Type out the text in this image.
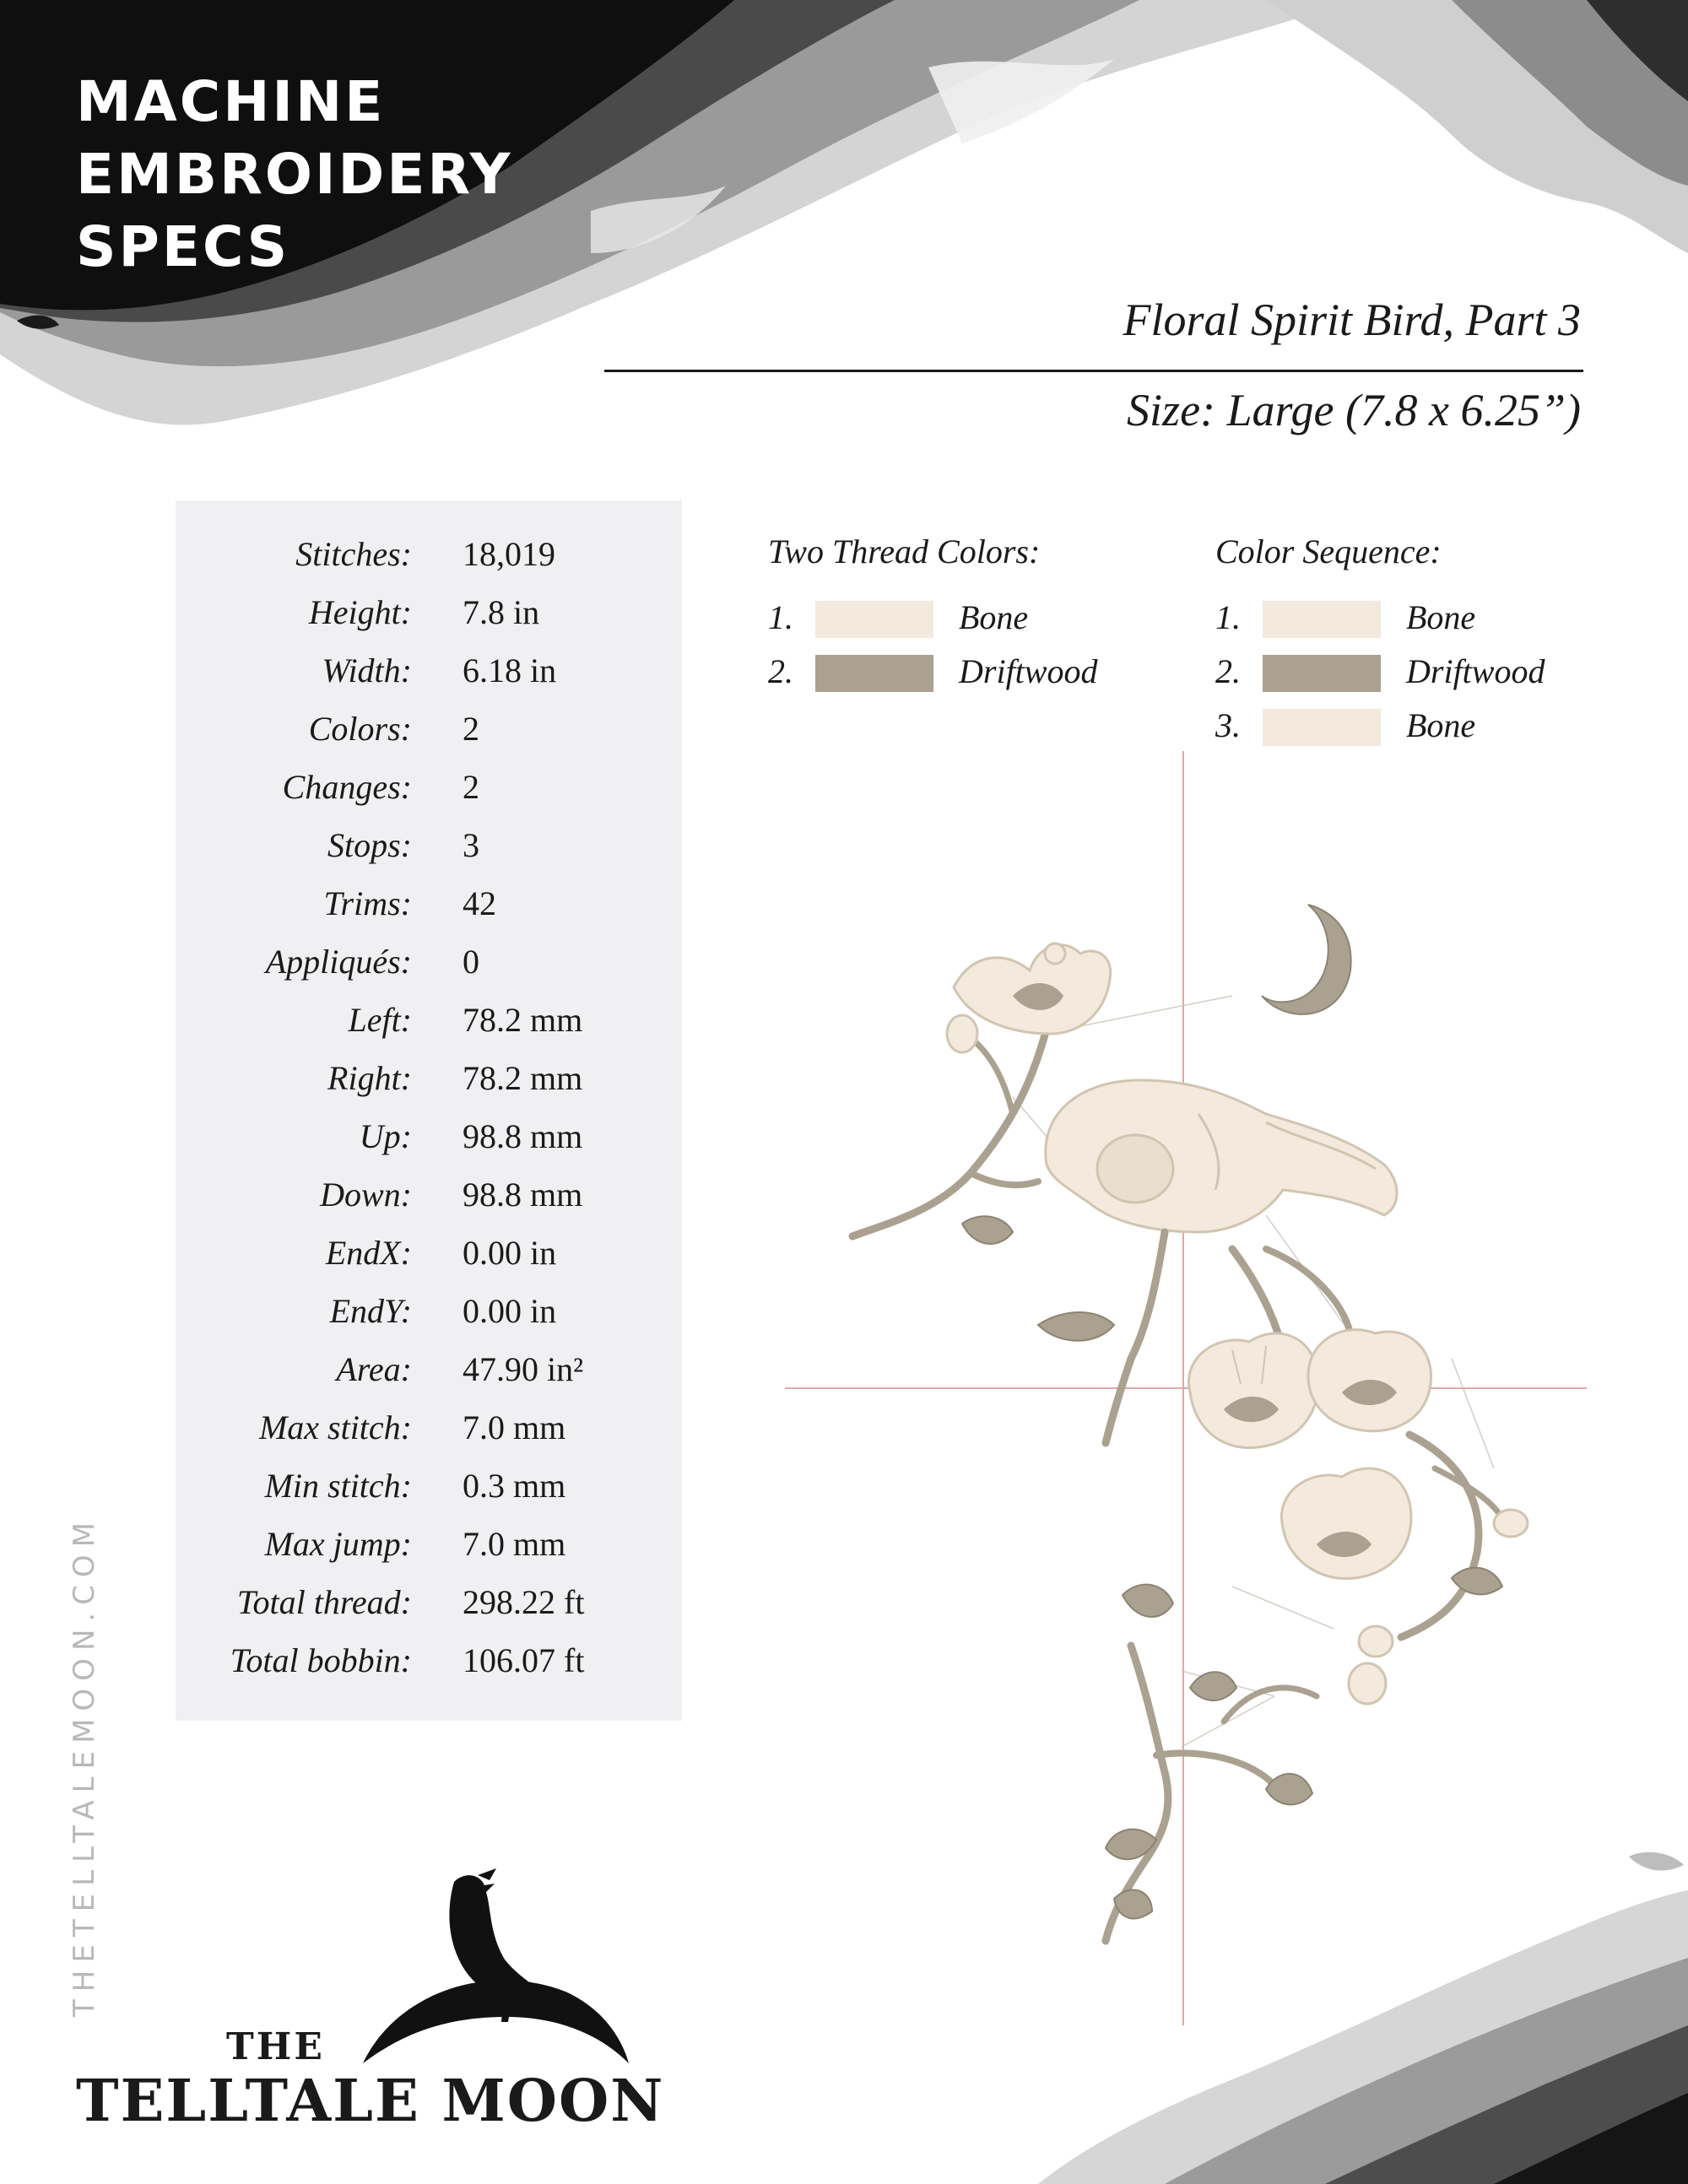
MACHINE
EMBROIDERY
SPECS
Floral Spirit Bird, Part 3
Size: Large (7.8 x 6.25”)
Stitches: 18,019
Height: 7.8 in
Width: 6.18 in
Colors: 2
Changes: 2
Stops: 3
Trims: 42
Appliqués: 0
Left: 78.2 mm
Right: 78.2 mm
Up: 98.8 mm
Down: 98.8 mm
EndX: 0.00 in
EndY: 0.00 in
Area: 47.90 in²
Max stitch: 7.0 mm
Min stitch: 0.3 mm
Max jump: 7.0 mm
Total thread: 298.22 ft
Total bobbin: 106.07 ft
Two Thread Colors:
1.	Bone
2.	Driftwood
Color Sequence:
1.	Bone
2.	Driftwood
3.	Bone
THETELLTALEMOON.COM
THE
TELLTALE MOON
